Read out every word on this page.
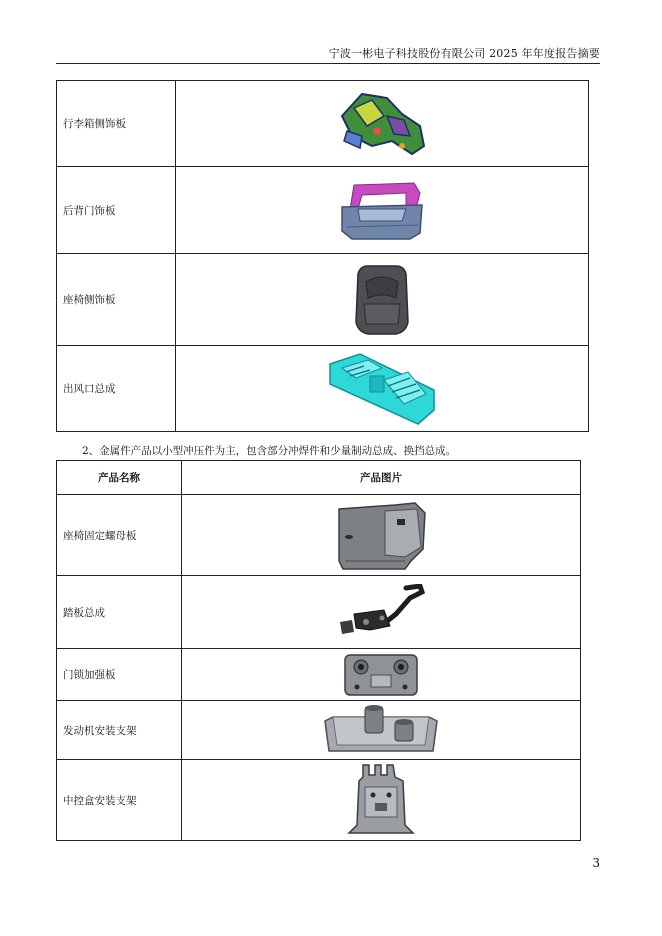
宁波一彬电子科技股份有限公司 2025 年年度报告摘要
行李箱侧饰板	

后背门饰板	

座椅侧饰板	

出风口总成	
2、金属件产品以小型冲压件为主，包含部分冲焊件和少量制动总成、换挡总成。
产品名称	产品图片
座椅固定螺母板	

踏板总成	

门锁加强板	

发动机安装支架	

中控盒安装支架	
3
